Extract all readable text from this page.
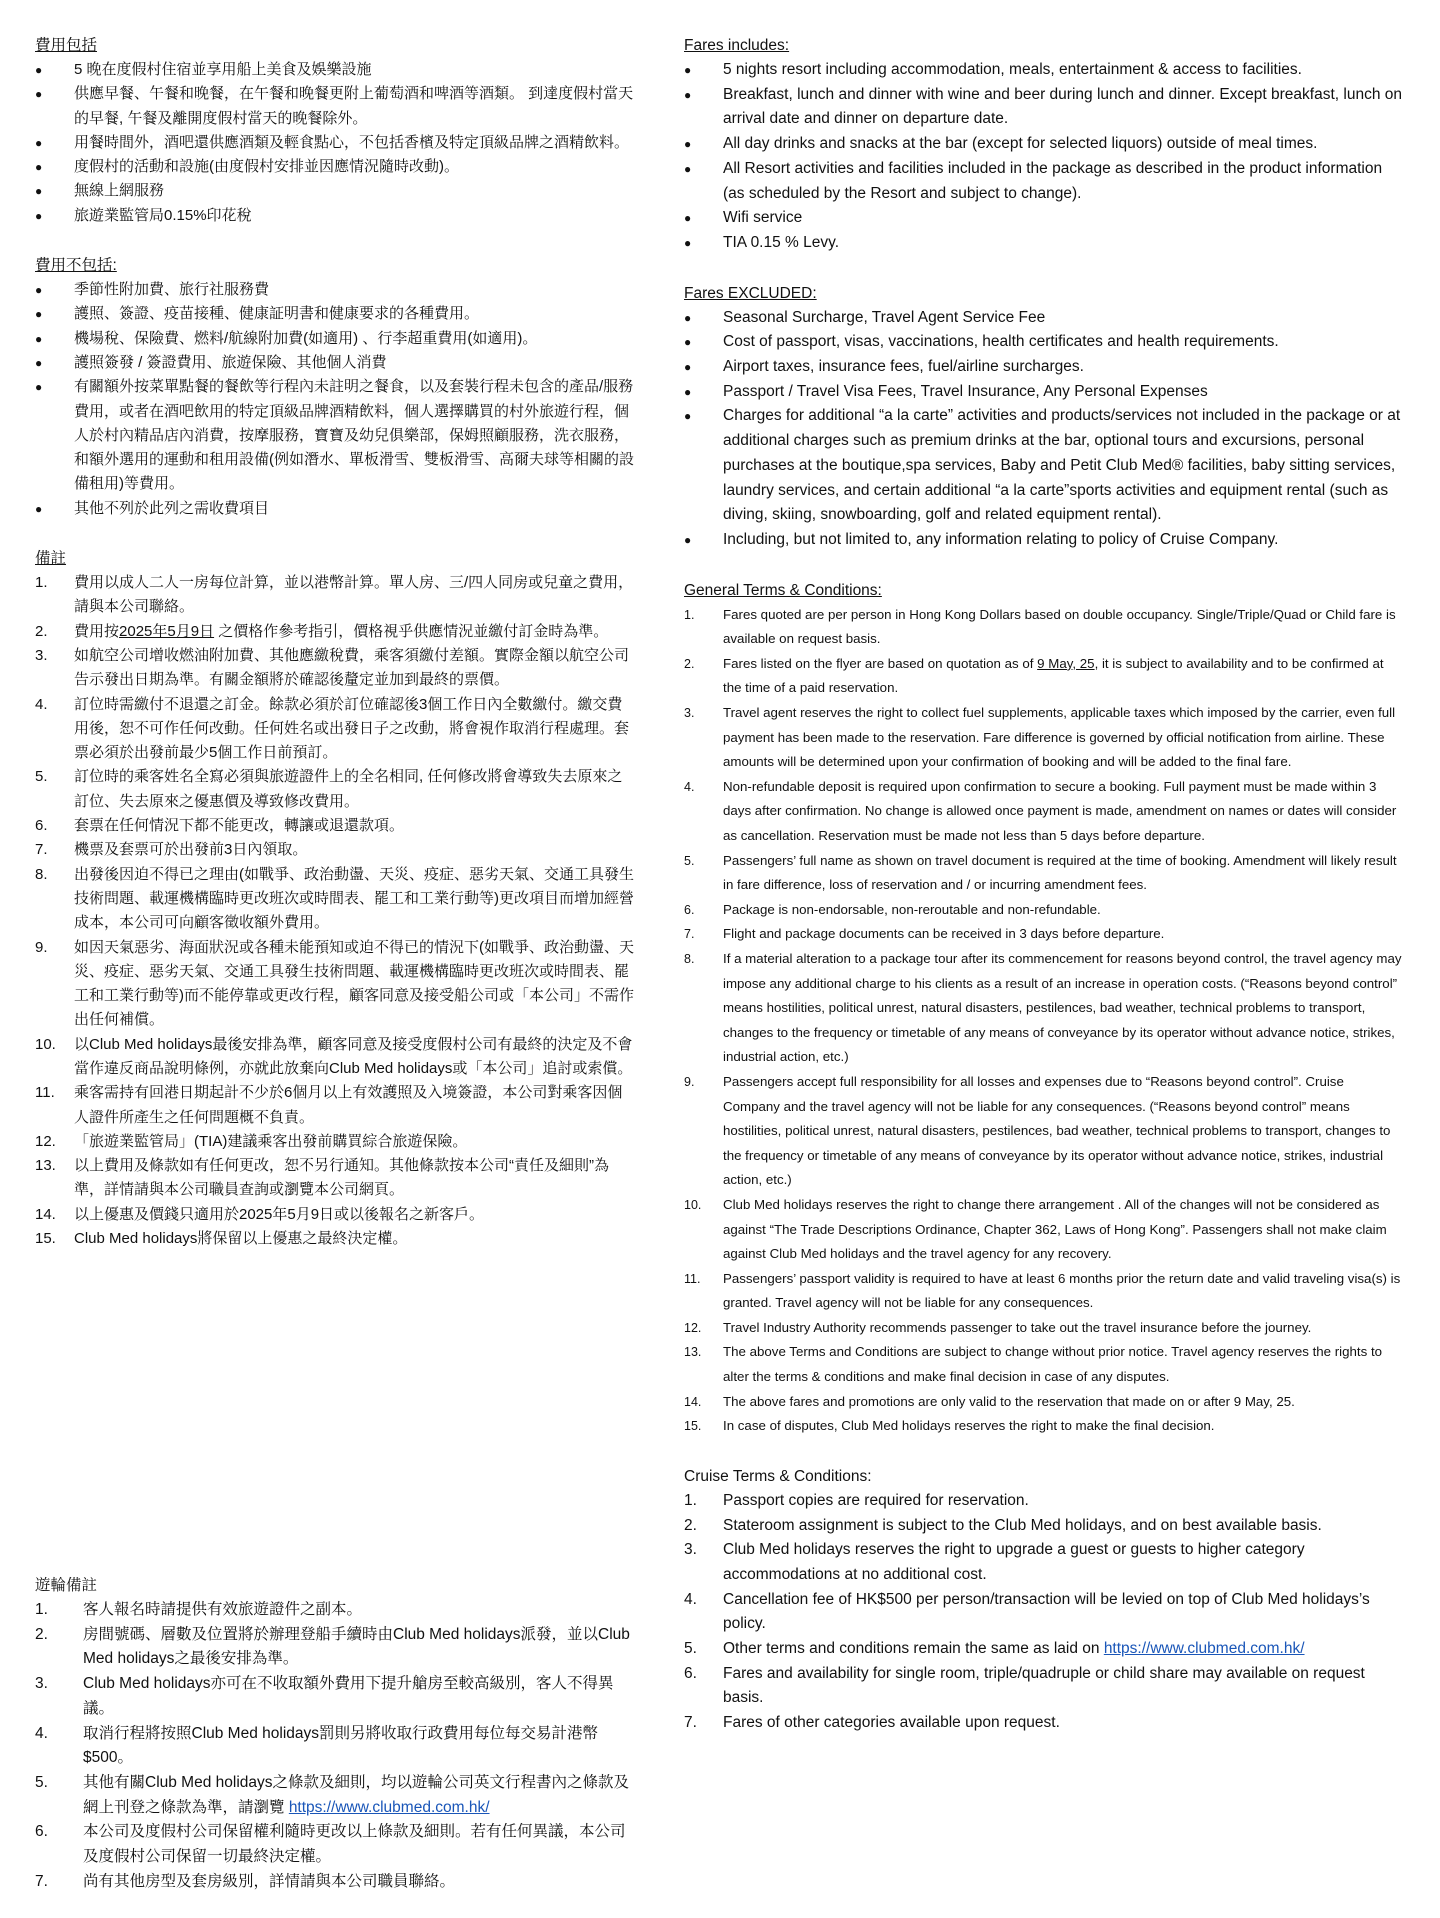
費用包括
● 5 晚在度假村住宿並享用船上美食及娛樂設施
● 供應早餐、午餐和晚餐，在午餐和晚餐更附上葡萄酒和啤酒等酒類。 到達度假村當天的早餐, 午餐及離開度假村當天的晚餐除外。
● 用餐時間外，酒吧還供應酒類及輕食點心，不包括香檳及特定頂級品牌之酒精飲料。
● 度假村的活動和設施(由度假村安排並因應情況隨時改動)。
● 無線上網服務
● 旅遊業監管局0.15%印花稅
費用不包括:
● 季節性附加費、旅行社服務費
● 護照、簽證、疫苗接種、健康証明書和健康要求的各種費用。
● 機場稅、保險費、燃料/航線附加費(如適用) 、行李超重費用(如適用)。
● 護照簽發 / 簽證費用、旅遊保險、其他個人消費
● 有關額外按菜單點餐的餐飲等行程內未註明之餐食，以及套裝行程未包含的產品/服務費用，或者在酒吧飲用的特定頂級品牌酒精飲料，個人選擇購買的村外旅遊行程，個人於村內精品店內消費，按摩服務，寶寶及幼兒俱樂部，保姆照顧服務，洗衣服務，和額外選用的運動和租用設備(例如潛水、單板滑雪、雙板滑雪、高爾夫球等相關的設備租用)等費用。
● 其他不列於此列之需收費項目
備註
1. 費用以成人二人一房每位計算，並以港幣計算。單人房、三/四人同房或兒童之費用，請與本公司聯絡。
2. 費用按2025年5月9日 之價格作參考指引，價格視乎供應情況並繳付訂金時為準。
3. 如航空公司增收燃油附加費、其他應繳稅費，乘客須繳付差額。實際金額以航空公司告示發出日期為準。有關金額將於確認後釐定並加到最終的票價。
4. 訂位時需繳付不退還之訂金。餘款必須於訂位確認後3個工作日內全數繳付。繳交費用後，恕不可作任何改動。任何姓名或出發日子之改動，將會視作取消行程處理。套票必須於出發前最少5個工作日前預訂。
5. 訂位時的乘客姓名全寫必須與旅遊證件上的全名相同, 任何修改將會導致失去原來之訂位、失去原來之優惠價及導致修改費用。
6. 套票在任何情況下都不能更改，轉讓或退還款項。
7. 機票及套票可於出發前3日內領取。
8. 出發後因迫不得已之理由(如戰爭、政治動盪、天災、疫症、惡劣天氣、交通工具發生技術問題、載運機構臨時更改班次或時間表、罷工和工業行動等)更改項目而增加經營成本，本公司可向顧客徵收額外費用。
9. 如因天氣惡劣、海面狀況或各種未能預知或迫不得已的情況下(如戰爭、政治動盪、天災、疫症、惡劣天氣、交通工具發生技術問題、載運機構臨時更改班次或時間表、罷工和工業行動等)而不能停靠或更改行程，顧客同意及接受船公司或「本公司」不需作出任何補償。
10. 以Club Med holidays最後安排為準，顧客同意及接受度假村公司有最終的決定及不會當作違反商品說明條例，亦就此放棄向Club Med holidays或「本公司」追討或索償。
11. 乘客需持有回港日期起計不少於6個月以上有效護照及入境簽證，本公司對乘客因個人證件所產生之任何問題概不負責。
12. 「旅遊業監管局」(TIA)建議乘客出發前購買綜合旅遊保險。
13. 以上費用及條款如有任何更改，恕不另行通知。其他條款按本公司“責任及細則”為準，詳情請與本公司職員查詢或瀏覽本公司網頁。
14. 以上優惠及價錢只適用於2025年5月9日或以後報名之新客戶。
15. Club Med holidays將保留以上優惠之最終決定權。
遊輪備註
1. 客人報名時請提供有效旅遊證件之副本。
2. 房間號碼、層數及位置將於辦理登船手續時由Club Med holidays派發，並以Club Med holidays之最後安排為準。
3. Club Med holidays亦可在不收取額外費用下提升艙房至較高級別，客人不得異議。
4. 取消行程將按照Club Med holidays罰則另將收取行政費用每位每交易計港幣$500。
5. 其他有關Club Med holidays之條款及細則，均以遊輪公司英文行程書內之條款及網上刊登之條款為準，請瀏覽 https://www.clubmed.com.hk/
6. 本公司及度假村公司保留權利隨時更改以上條款及細則。若有任何異議，本公司及度假村公司保留一切最終決定權。
7. 尚有其他房型及套房級別，詳情請與本公司職員聯絡。
Fares includes:
● 5 nights resort including accommodation, meals, entertainment & access to facilities.
● Breakfast, lunch and dinner with wine and beer during lunch and dinner. Except breakfast, lunch on arrival date and dinner on departure date.
● All day drinks and snacks at the bar (except for selected liquors) outside of meal times.
● All Resort activities and facilities included in the package as described in the product information (as scheduled by the Resort and subject to change).
● Wifi service
● TIA 0.15 % Levy.
Fares EXCLUDED:
● Seasonal Surcharge, Travel Agent Service Fee
● Cost of passport, visas, vaccinations, health certificates and health requirements.
● Airport taxes, insurance fees, fuel/airline surcharges.
● Passport / Travel Visa Fees, Travel Insurance, Any Personal Expenses
● Charges for additional “a la carte” activities and products/services not included in the package or at additional charges such as premium drinks at the bar, optional tours and excursions, personal purchases at the boutique,spa services, Baby and Petit Club Med® facilities, baby sitting services, laundry services, and certain additional “a la carte”sports activities and equipment rental (such as diving, skiing, snowboarding, golf and related equipment rental).
● Including, but not limited to, any information relating to policy of Cruise Company.
General Terms & Conditions:
1. Fares quoted are per person in Hong Kong Dollars based on double occupancy. Single/Triple/Quad or Child fare is available on request basis.
2. Fares listed on the flyer are based on quotation as of 9 May, 25, it is subject to availability and to be confirmed at the time of a paid reservation.
3. Travel agent reserves the right to collect fuel supplements, applicable taxes which imposed by the carrier, even full payment has been made to the reservation. Fare difference is governed by official notification from airline. These amounts will be determined upon your confirmation of booking and will be added to the final fare.
4. Non-refundable deposit is required upon confirmation to secure a booking. Full payment must be made within 3 days after confirmation. No change is allowed once payment is made, amendment on names or dates will consider as cancellation. Reservation must be made not less than 5 days before departure.
5. Passengers’ full name as shown on travel document is required at the time of booking. Amendment will likely result in fare difference, loss of reservation and / or incurring amendment fees.
6. Package is non-endorsable, non-reroutable and non-refundable.
7. Flight and package documents can be received in 3 days before departure.
8. If a material alteration to a package tour after its commencement for reasons beyond control, the travel agency may impose any additional charge to his clients as a result of an increase in operation costs. (“Reasons beyond control” means hostilities, political unrest, natural disasters, pestilences, bad weather, technical problems to transport, changes to the frequency or timetable of any means of conveyance by its operator without advance notice, strikes, industrial action, etc.)
9. Passengers accept full responsibility for all losses and expenses due to “Reasons beyond control”. Cruise Company and the travel agency will not be liable for any consequences. (“Reasons beyond control” means hostilities, political unrest, natural disasters, pestilences, bad weather, technical problems to transport, changes to the frequency or timetable of any means of conveyance by its operator without advance notice, strikes, industrial action, etc.)
10. Club Med holidays reserves the right to change there arrangement . All of the changes will not be considered as against “The Trade Descriptions Ordinance, Chapter 362, Laws of Hong Kong”. Passengers shall not make claim against Club Med holidays and the travel agency for any recovery.
11. Passengers’ passport validity is required to have at least 6 months prior the return date and valid traveling visa(s) is granted. Travel agency will not be liable for any consequences.
12. Travel Industry Authority recommends passenger to take out the travel insurance before the journey.
13. The above Terms and Conditions are subject to change without prior notice. Travel agency reserves the rights to alter the terms & conditions and make final decision in case of any disputes.
14. The above fares and promotions are only valid to the reservation that made on or after 9 May, 25.
15. In case of disputes, Club Med holidays reserves the right to make the final decision.
Cruise Terms & Conditions:
1. Passport copies are required for reservation.
2. Stateroom assignment is subject to the Club Med holidays, and on best available basis.
3. Club Med holidays reserves the right to upgrade a guest or guests to higher category accommodations at no additional cost.
4. Cancellation fee of HK$500 per person/transaction will be levied on top of Club Med holidays’s policy.
5. Other terms and conditions remain the same as laid on https://www.clubmed.com.hk/
6. Fares and availability for single room, triple/quadruple or child share may available on request basis.
7. Fares of other categories available upon request.
